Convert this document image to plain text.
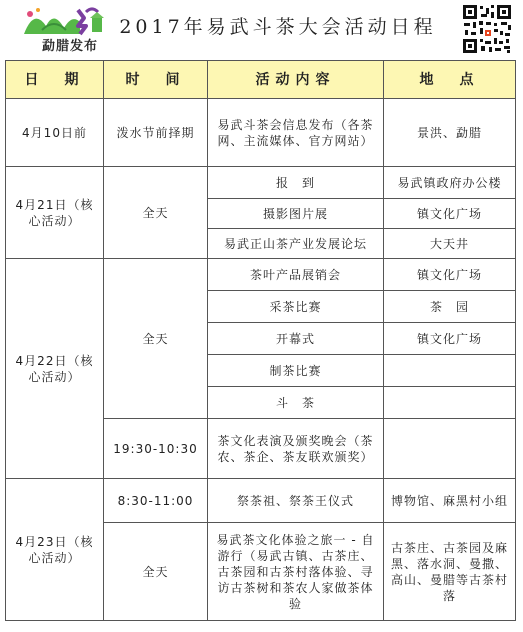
勐腊发布
2017年易武斗茶大会活动日程
日　期	时　间	活动内容	地　点
4月10日前	泼水节前择期	易武斗茶会信息发布（各茶网、主流媒体、官方网站）	景洪、勐腊
4月21日（核心活动）	全天	报　到	易武镇政府办公楼
		摄影图片展	镇文化广场
		易武正山茶产业发展论坛	大天井
4月22日（核心活动）	全天	茶叶产品展销会	镇文化广场
		采茶比赛	茶　园
		开幕式	镇文化广场
		制茶比赛	
		斗　茶	
	19:30-10:30	茶文化表演及颁奖晚会（茶农、茶企、茶友联欢颁奖）	
4月23日（核心活动）	8:30-11:00	祭茶祖、祭茶王仪式	博物馆、麻黑村小组
	全天	易武茶文化体验之旅一 - 自游行（易武古镇、古茶庄、古茶园和古茶村落体验、寻访古茶树和茶农人家做茶体验	古茶庄、古茶园及麻黑、落水洞、曼撒、高山、曼腊等古茶村落
